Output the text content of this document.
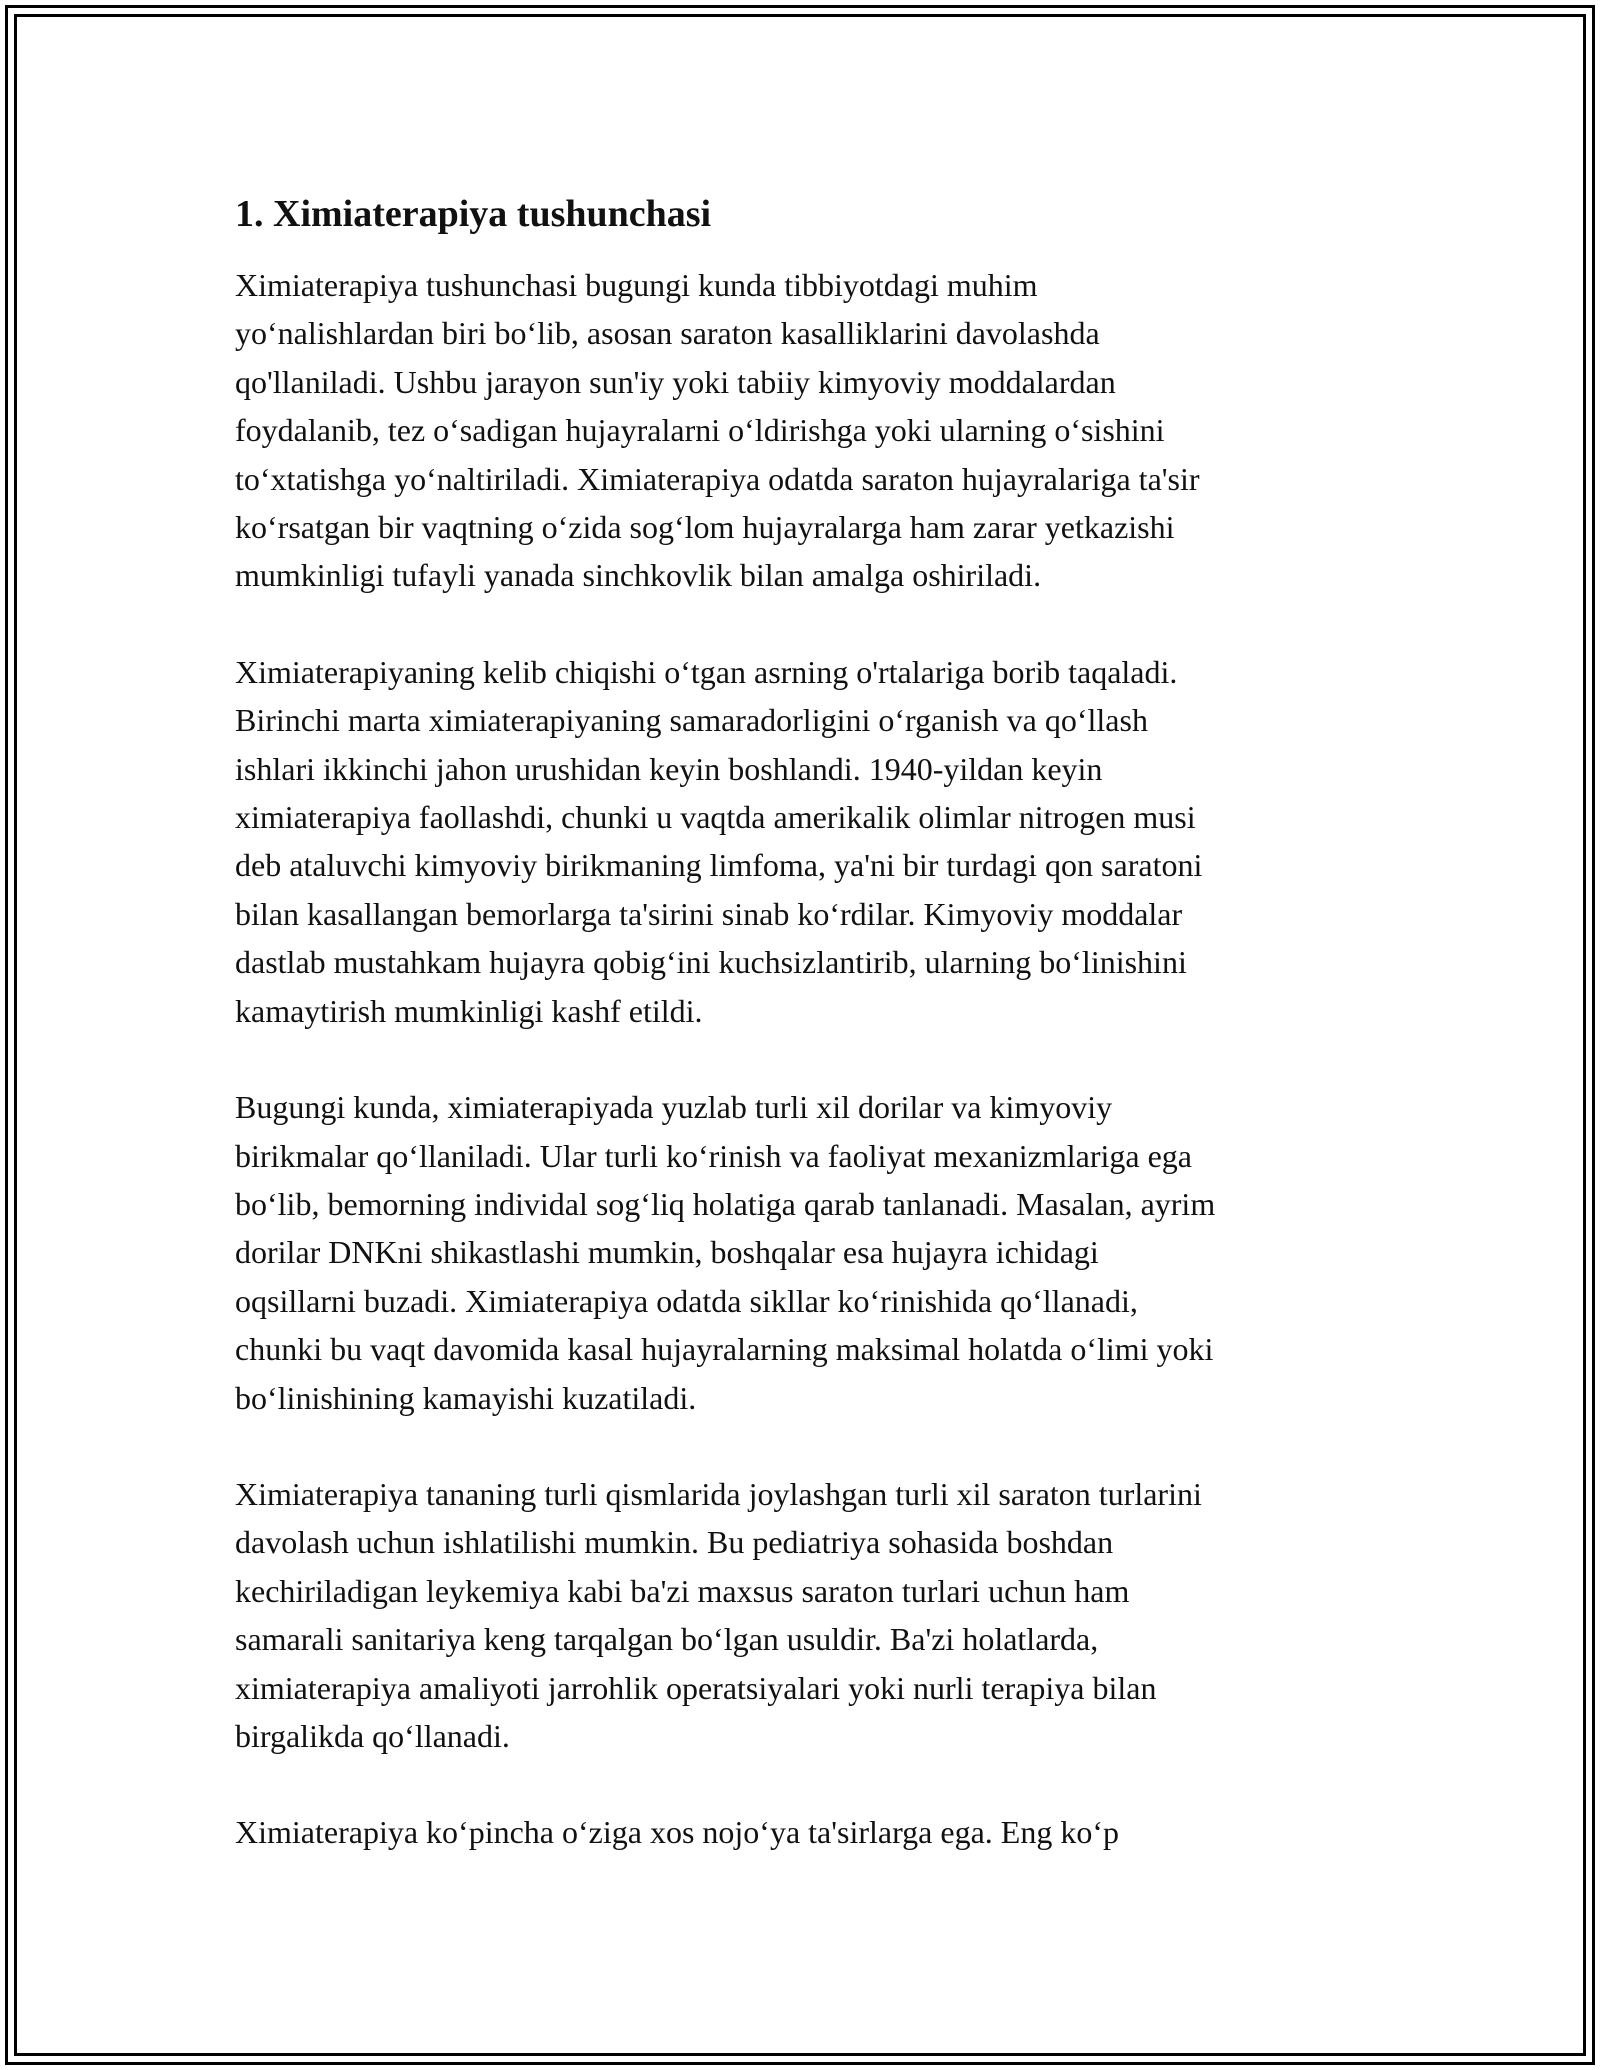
1. Ximiaterapiya tushunchasi

Ximiaterapiya tushunchasi bugungi kunda tibbiyotdagi muhim
yo‘nalishlardan biri bo‘lib, asosan saraton kasalliklarini davolashda
qo'llaniladi. Ushbu jarayon sun'iy yoki tabiiy kimyoviy moddalardan
foydalanib, tez o‘sadigan hujayralarni o‘ldirishga yoki ularning o‘sishini
to‘xtatishga yo‘naltiriladi. Ximiaterapiya odatda saraton hujayralariga ta'sir
ko‘rsatgan bir vaqtning o‘zida sog‘lom hujayralarga ham zarar yetkazishi
mumkinligi tufayli yanada sinchkovlik bilan amalga oshiriladi.

Ximiaterapiyaning kelib chiqishi o‘tgan asrning o'rtalariga borib taqaladi.
Birinchi marta ximiaterapiyaning samaradorligini o‘rganish va qo‘llash
ishlari ikkinchi jahon urushidan keyin boshlandi. 1940-yildan keyin
ximiaterapiya faollashdi, chunki u vaqtda amerikalik olimlar nitrogen musi
deb ataluvchi kimyoviy birikmaning limfoma, ya'ni bir turdagi qon saratoni
bilan kasallangan bemorlarga ta'sirini sinab ko‘rdilar. Kimyoviy moddalar
dastlab mustahkam hujayra qobig‘ini kuchsizlantirib, ularning bo‘linishini
kamaytirish mumkinligi kashf etildi.

Bugungi kunda, ximiaterapiyada yuzlab turli xil dorilar va kimyoviy
birikmalar qo‘llaniladi. Ular turli ko‘rinish va faoliyat mexanizmlariga ega
bo‘lib, bemorning individal sog‘liq holatiga qarab tanlanadi. Masalan, ayrim
dorilar DNKni shikastlashi mumkin, boshqalar esa hujayra ichidagi
oqsillarni buzadi. Ximiaterapiya odatda sikllar ko‘rinishida qo‘llanadi,
chunki bu vaqt davomida kasal hujayralarning maksimal holatda o‘limi yoki
bo‘linishining kamayishi kuzatiladi.

Ximiaterapiya tananing turli qismlarida joylashgan turli xil saraton turlarini
davolash uchun ishlatilishi mumkin. Bu pediatriya sohasida boshdan
kechiriladigan leykemiya kabi ba'zi maxsus saraton turlari uchun ham
samarali sanitariya keng tarqalgan bo‘lgan usuldir. Ba'zi holatlarda,
ximiaterapiya amaliyoti jarrohlik operatsiyalari yoki nurli terapiya bilan
birgalikda qo‘llanadi.

Ximiaterapiya ko‘pincha o‘ziga xos nojo‘ya ta'sirlarga ega. Eng ko‘p
